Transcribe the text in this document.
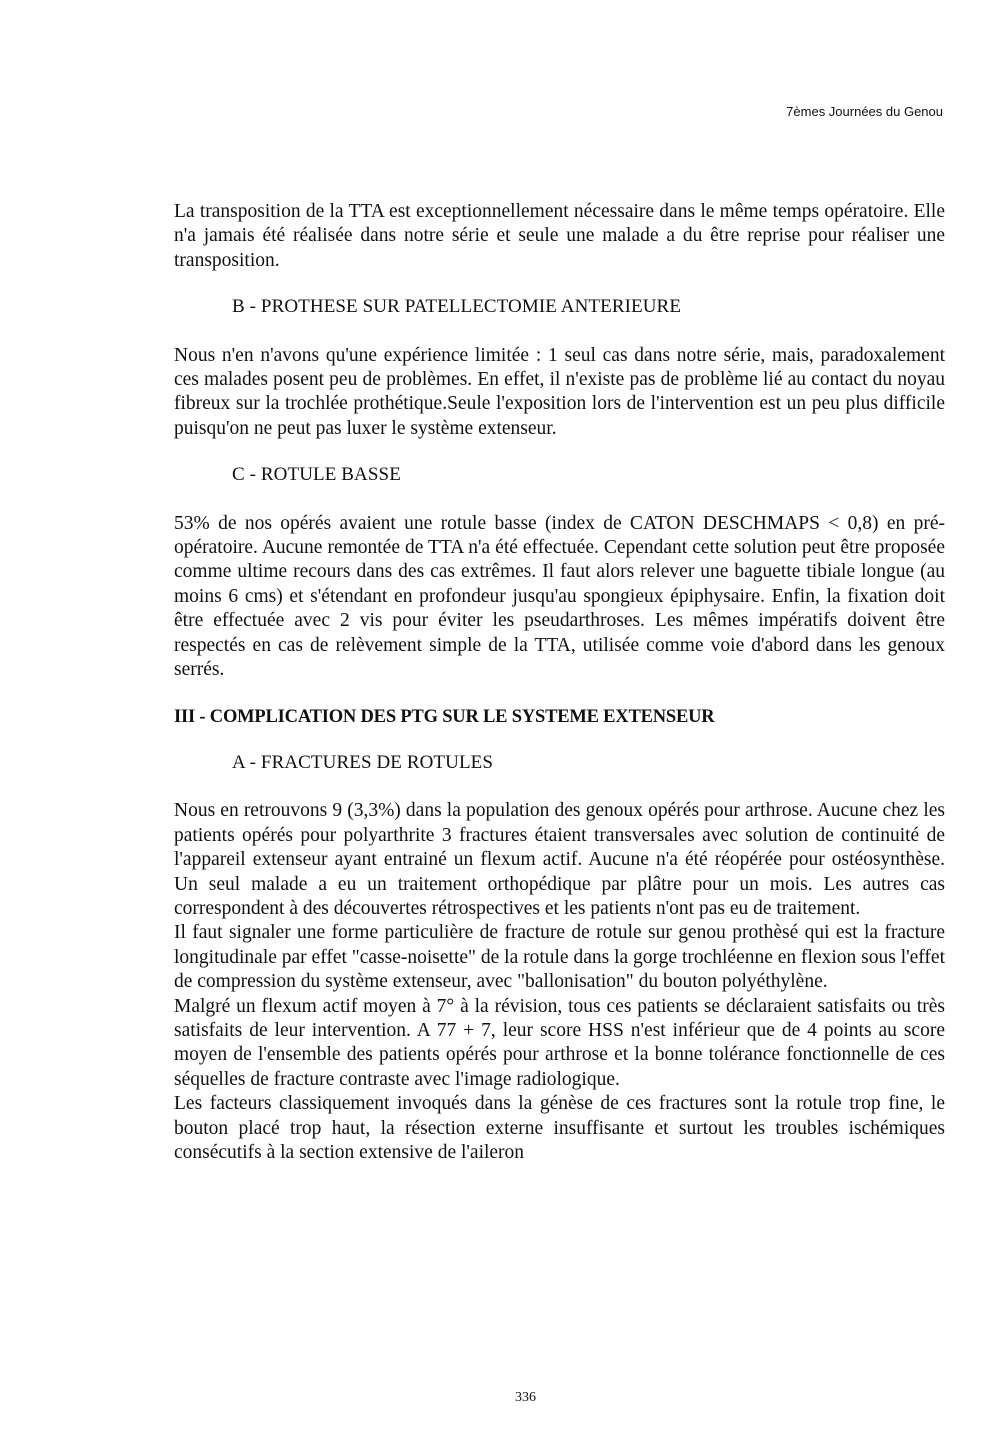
7èmes Journées du Genou

La transposition de la TTA est exceptionnellement nécessaire dans le même temps opératoire. Elle n'a jamais été réalisée dans notre série et seule une malade a du être reprise pour réaliser une transposition.

B - PROTHESE SUR PATELLECTOMIE ANTERIEURE

Nous n'en n'avons qu'une expérience limitée : 1 seul cas dans notre série, mais, paradoxalement ces malades posent peu de problèmes. En effet, il n'existe pas de problème lié au contact du noyau fibreux sur la trochlée prothétique.Seule l'exposition lors de l'intervention est un peu plus difficile puisqu'on ne peut pas luxer le système extenseur.

C - ROTULE BASSE

53% de nos opérés avaient une rotule basse (index de CATON DESCHMAPS < 0,8) en pré-opératoire. Aucune remontée de TTA n'a été effectuée. Cependant cette solution peut être proposée comme ultime recours dans des cas extrêmes. Il faut alors relever une baguette tibiale longue (au moins 6 cms) et s'étendant en profondeur jusqu'au spongieux épiphysaire. Enfin, la fixation doit être effectuée avec 2 vis pour éviter les pseudarthroses. Les mêmes impératifs doivent être respectés en cas de relèvement simple de la TTA, utilisée comme voie d'abord dans les genoux serrés.

III - COMPLICATION DES PTG SUR LE SYSTEME EXTENSEUR

A - FRACTURES DE ROTULES

Nous en retrouvons 9 (3,3%) dans la population des genoux opérés pour arthrose. Aucune chez les patients opérés pour polyarthrite 3 fractures étaient transversales avec solution de continuité de l'appareil extenseur ayant entrainé un flexum actif. Aucune n'a été réopérée pour ostéosynthèse. Un seul malade a eu un traitement orthopédique par plâtre pour un mois. Les autres cas correspondent à des découvertes rétrospectives et les patients n'ont pas eu de traitement.

Il faut signaler une forme particulière de fracture de rotule sur genou prothèsé qui est la fracture longitudinale par effet "casse-noisette" de la rotule dans la gorge trochléenne en flexion sous l'effet de compression du système extenseur, avec "ballonisation" du bouton polyéthylène.

Malgré un flexum actif moyen à 7° à la révision, tous ces patients se déclaraient satisfaits ou très satisfaits de leur intervention. A 77 + 7, leur score HSS n'est inférieur que de 4 points au score moyen de l'ensemble des patients opérés pour arthrose et la bonne tolérance fonctionnelle de ces séquelles de fracture contraste avec l'image radiologique.

Les facteurs classiquement invoqués dans la génèse de ces fractures sont la rotule trop fine, le bouton placé trop haut, la résection externe insuffisante et surtout les troubles ischémiques consécutifs à la section extensive de l'aileron

336
